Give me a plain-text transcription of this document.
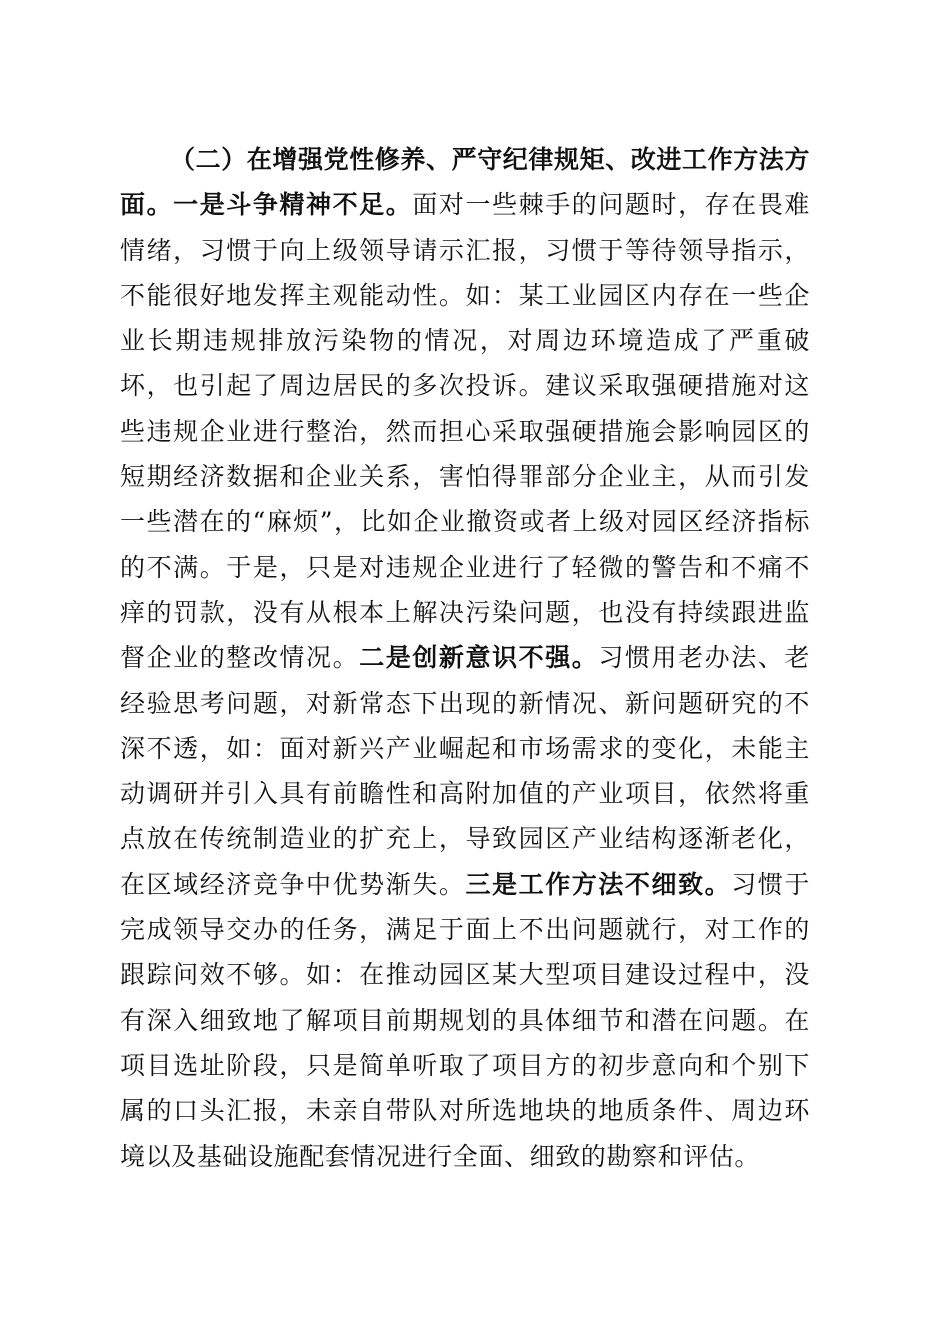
（二）在增强党性修养、严守纪律规矩、改进工作方法方面。一是斗争精神不足。面对一些棘手的问题时，存在畏难情绪，习惯于向上级领导请示汇报，习惯于等待领导指示，不能很好地发挥主观能动性。如：某工业园区内存在一些企业长期违规排放污染物的情况，对周边环境造成了严重破坏，也引起了周边居民的多次投诉。建议采取强硬措施对这些违规企业进行整治，然而担心采取强硬措施会影响园区的短期经济数据和企业关系，害怕得罪部分企业主，从而引发一些潜在的“麻烦”，比如企业撤资或者上级对园区经济指标的不满。于是，只是对违规企业进行了轻微的警告和不痛不痒的罚款，没有从根本上解决污染问题，也没有持续跟进监督企业的整改情况。二是创新意识不强。习惯用老办法、老经验思考问题，对新常态下出现的新情况、新问题研究的不深不透，如：面对新兴产业崛起和市场需求的变化，未能主动调研并引入具有前瞻性和高附加值的产业项目，依然将重点放在传统制造业的扩充上，导致园区产业结构逐渐老化，在区域经济竞争中优势渐失。三是工作方法不细致。习惯于完成领导交办的任务，满足于面上不出问题就行，对工作的跟踪问效不够。如：在推动园区某大型项目建设过程中，没有深入细致地了解项目前期规划的具体细节和潜在问题。在项目选址阶段，只是简单听取了项目方的初步意向和个别下属的口头汇报，未亲自带队对所选地块的地质条件、周边环境以及基础设施配套情况进行全面、细致的勘察和评估。
